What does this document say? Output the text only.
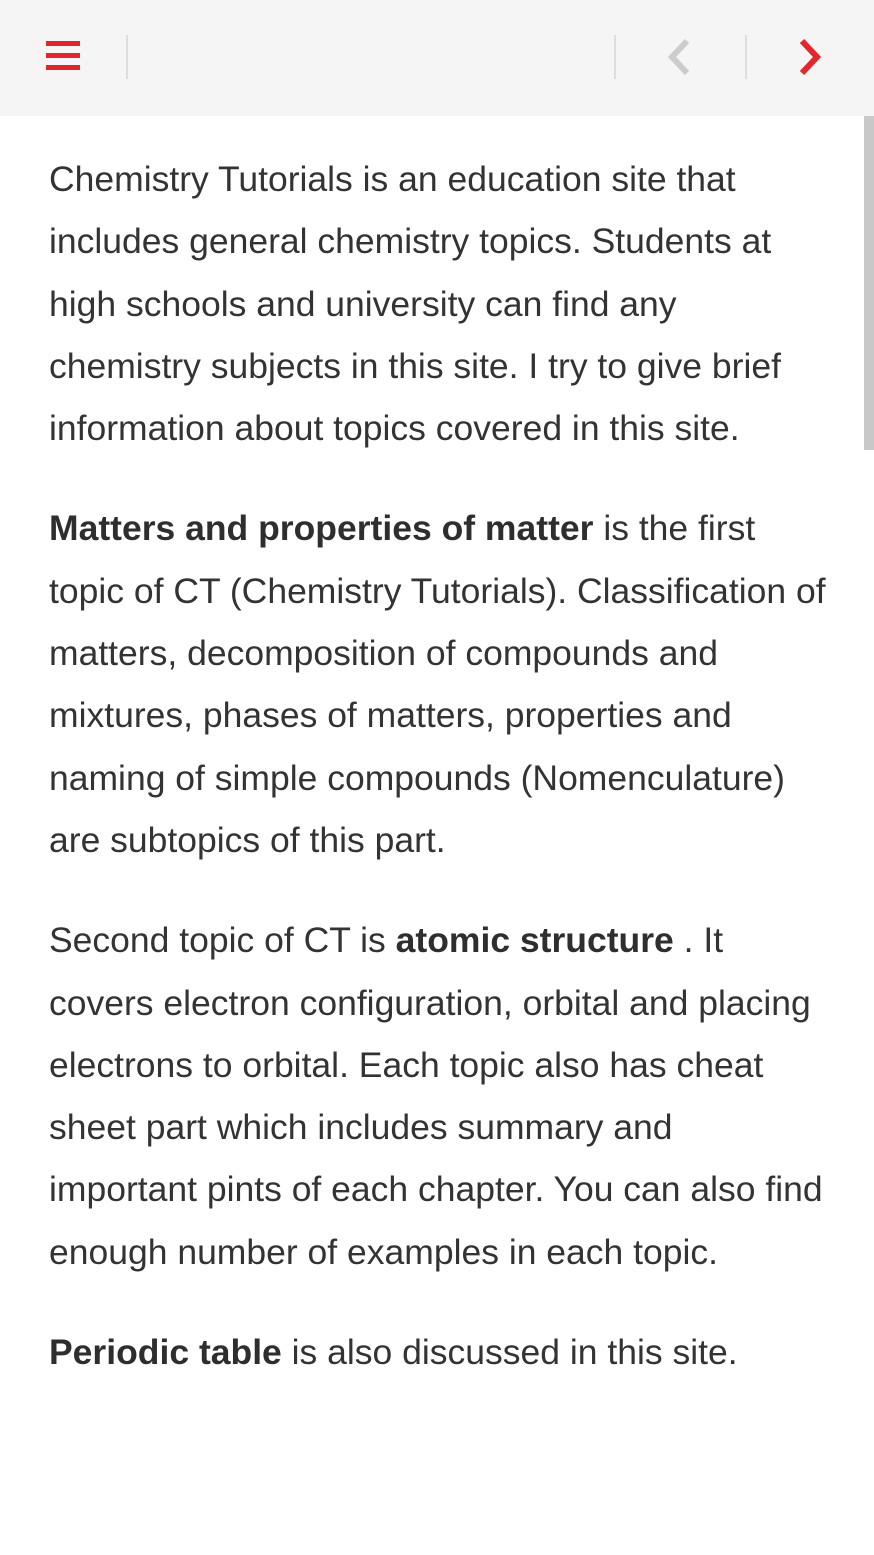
Chemistry Tutorials is an education site that includes general chemistry topics. Students at high schools and university can find any chemistry subjects in this site. I try to give brief information about topics covered in this site.

Matters and properties of matter is the first topic of CT (Chemistry Tutorials). Classification of matters, decomposition of compounds and mixtures, phases of matters, properties and naming of simple compounds (Nomenculature) are subtopics of this part.

Second topic of CT is atomic structure . It covers electron configuration, orbital and placing electrons to orbital. Each topic also has cheat sheet part which includes summary and important pints of each chapter. You can also find enough number of examples in each topic.

Periodic table is also discussed in this site.
